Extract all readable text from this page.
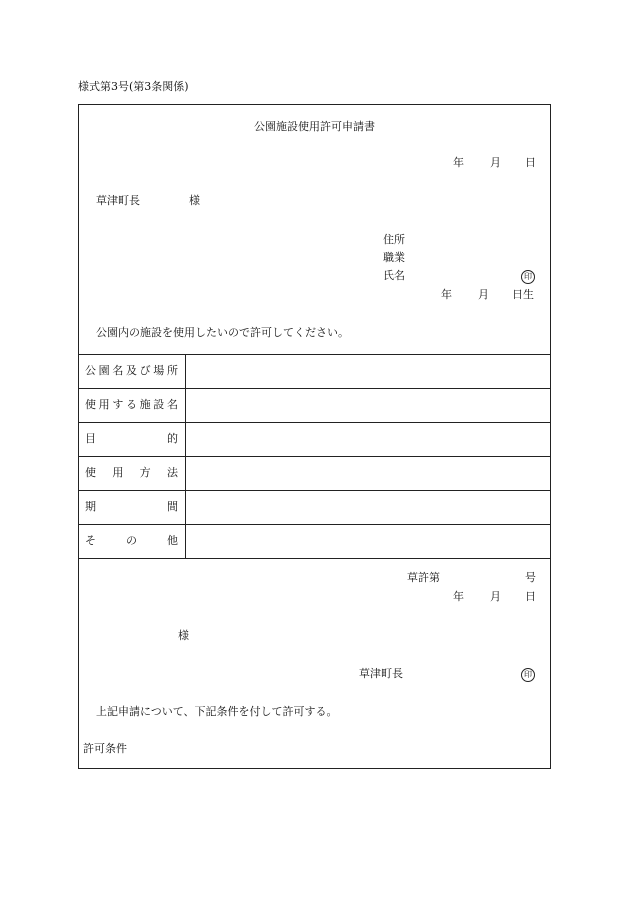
様式第3号(第3条関係)
公園施設使用許可申請書
年 月 日
草津町長	様
住所
職業
氏名	印
年 月 日生
公園内の施設を使用したいので許可してください。
公 園 名 及 び 場 所
使 用 す る 施 設 名
目	的
使 用 方 法
期	間
そ	の	他
草許第	号
年 月 日
様
草津町長	印
上記申請について、下記条件を付して許可する。
許可条件
